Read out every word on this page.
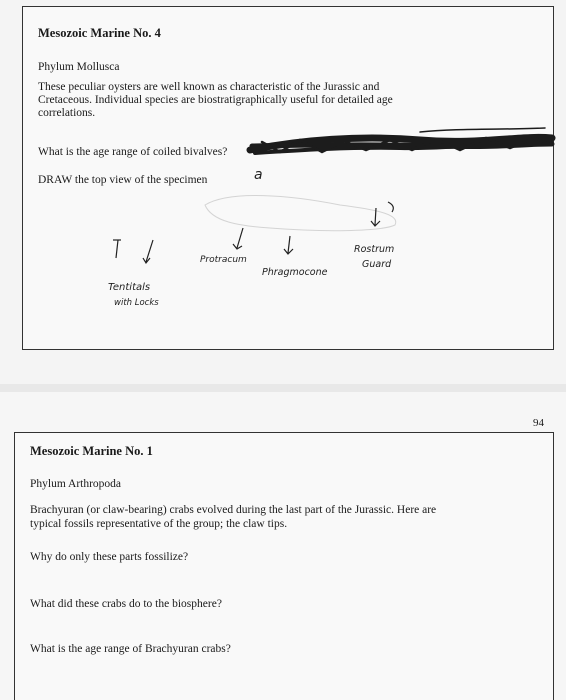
Mesozoic Marine No. 4
Phylum Mollusca
These peculiar oysters are well known as characteristic of the Jurassic and
Cretaceous. Individual species are biostratigraphically useful for detailed age
correlations.
What is the age range of coiled bivalves?
DRAW the top view of the specimen	a
Tentitals
with Locks
Protracum
Phragmocone
Rostrum
Guard
94
Mesozoic Marine No. 1
Phylum Arthropoda
Brachyuran (or claw-bearing) crabs evolved during the last part of the Jurassic. Here are
typical fossils representative of the group; the claw tips.
Why do only these parts fossilize?
What did these crabs do to the biosphere?
What is the age range of Brachyuran crabs?
